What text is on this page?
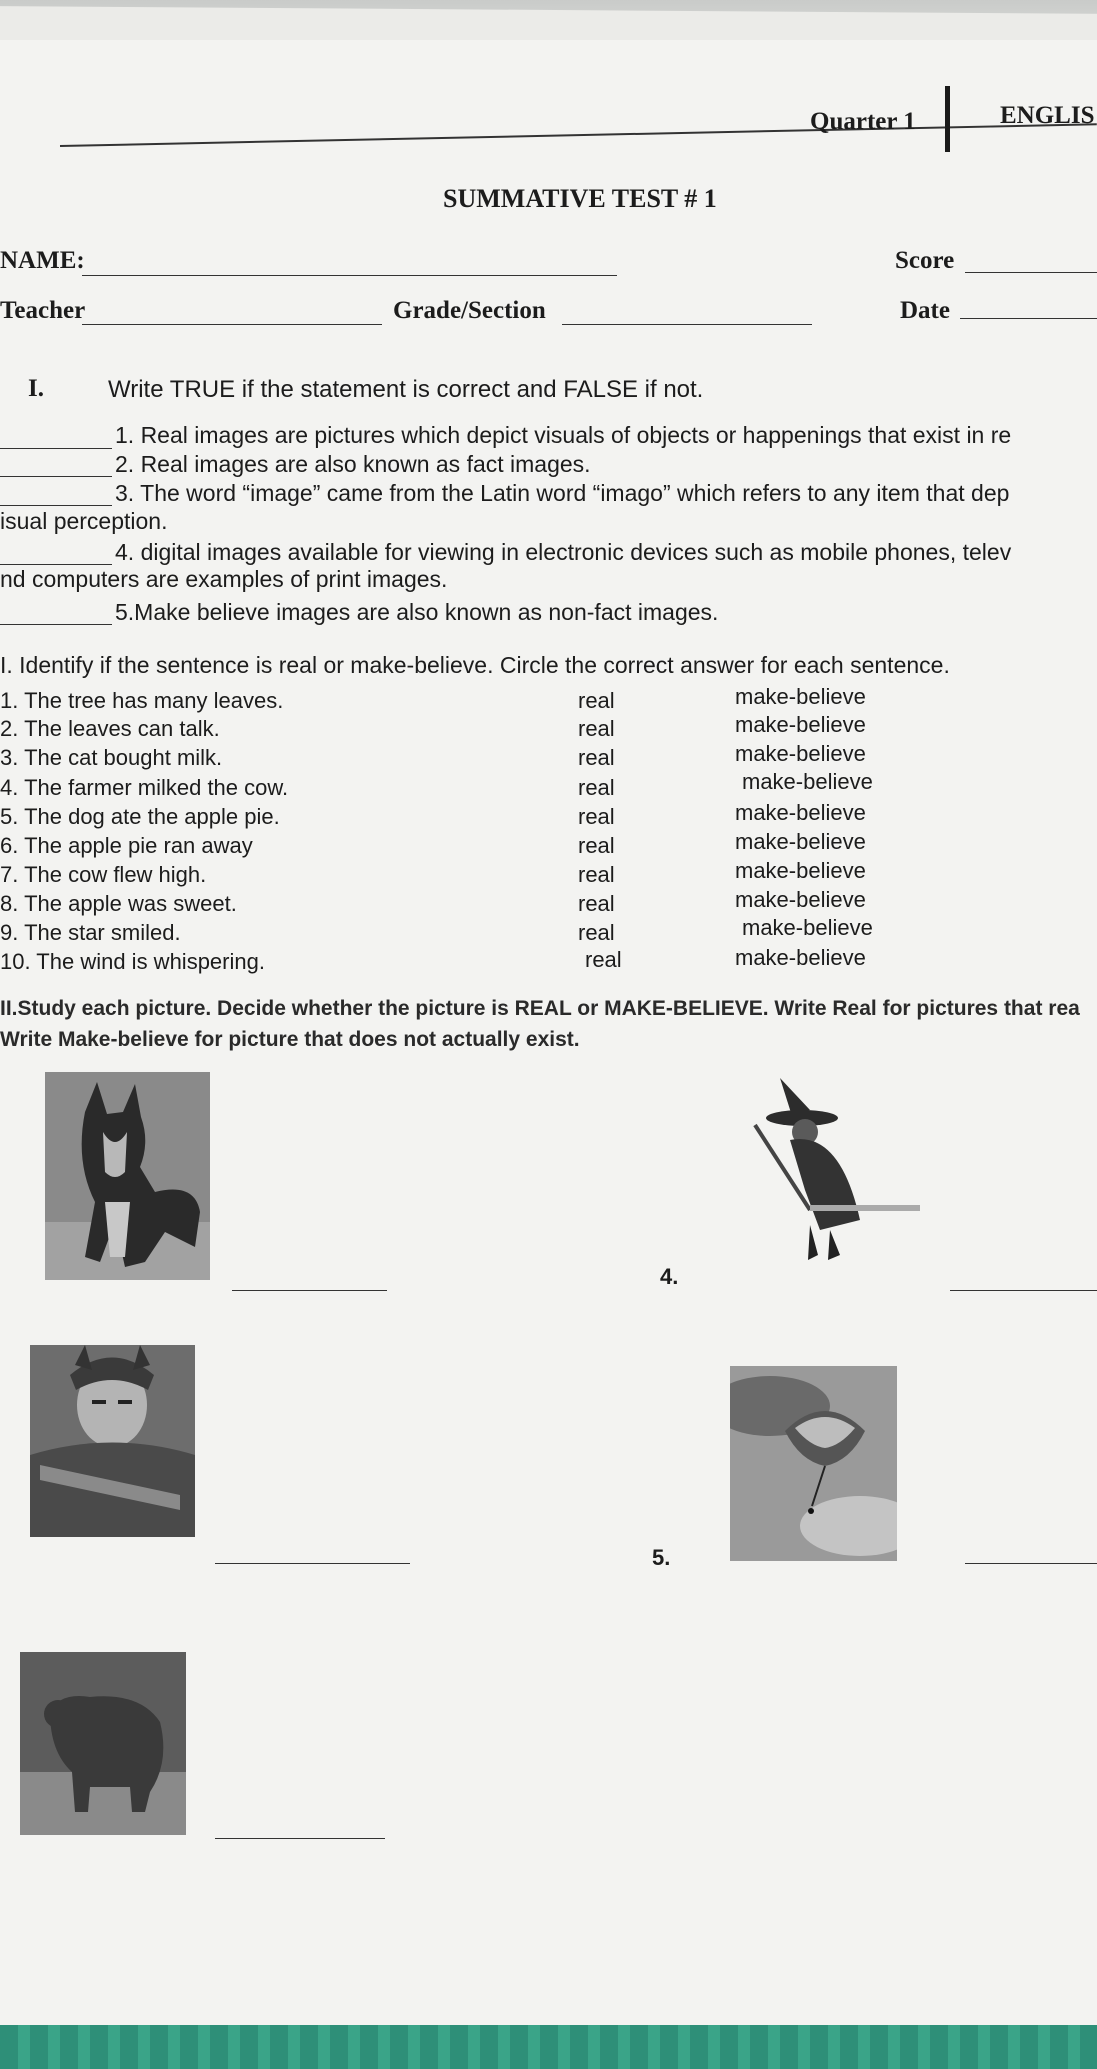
Quarter 1	ENGLIS
SUMMATIVE TEST # 1
NAME:	Score
Teacher	Grade/Section	Date
I.	Write TRUE if the statement is correct and FALSE if not.
1. Real images are pictures which depict visuals of objects or happenings that exist in re
2. Real images are also known as fact images.
3. The word “image” came from the Latin word “imago” which refers to any item that dep
isual perception.
4. digital images available for viewing in electronic devices such as mobile phones, telev
nd computers are examples of print images.
5.Make believe images are also known as non-fact images.
I. Identify if the sentence is real or make-believe. Circle the correct answer for each sentence.
1. The tree has many leaves.	real	make-believe
2. The leaves can talk.	real	make-believe
3. The cat bought milk.	real	make-believe
4. The farmer milked the cow.	real	make-believe
5. The dog ate the apple pie.	real	make-believe
6. The apple pie ran away	real	make-believe
7. The cow flew high.	real	make-believe
8. The apple was sweet.	real	make-believe
9. The star smiled.	real	make-believe
10. The wind is whispering.	real	make-believe
II.Study each picture. Decide whether the picture is REAL or MAKE-BELIEVE. Write Real for pictures that rea
Write Make-believe for picture that does not actually exist.
4.
5.
